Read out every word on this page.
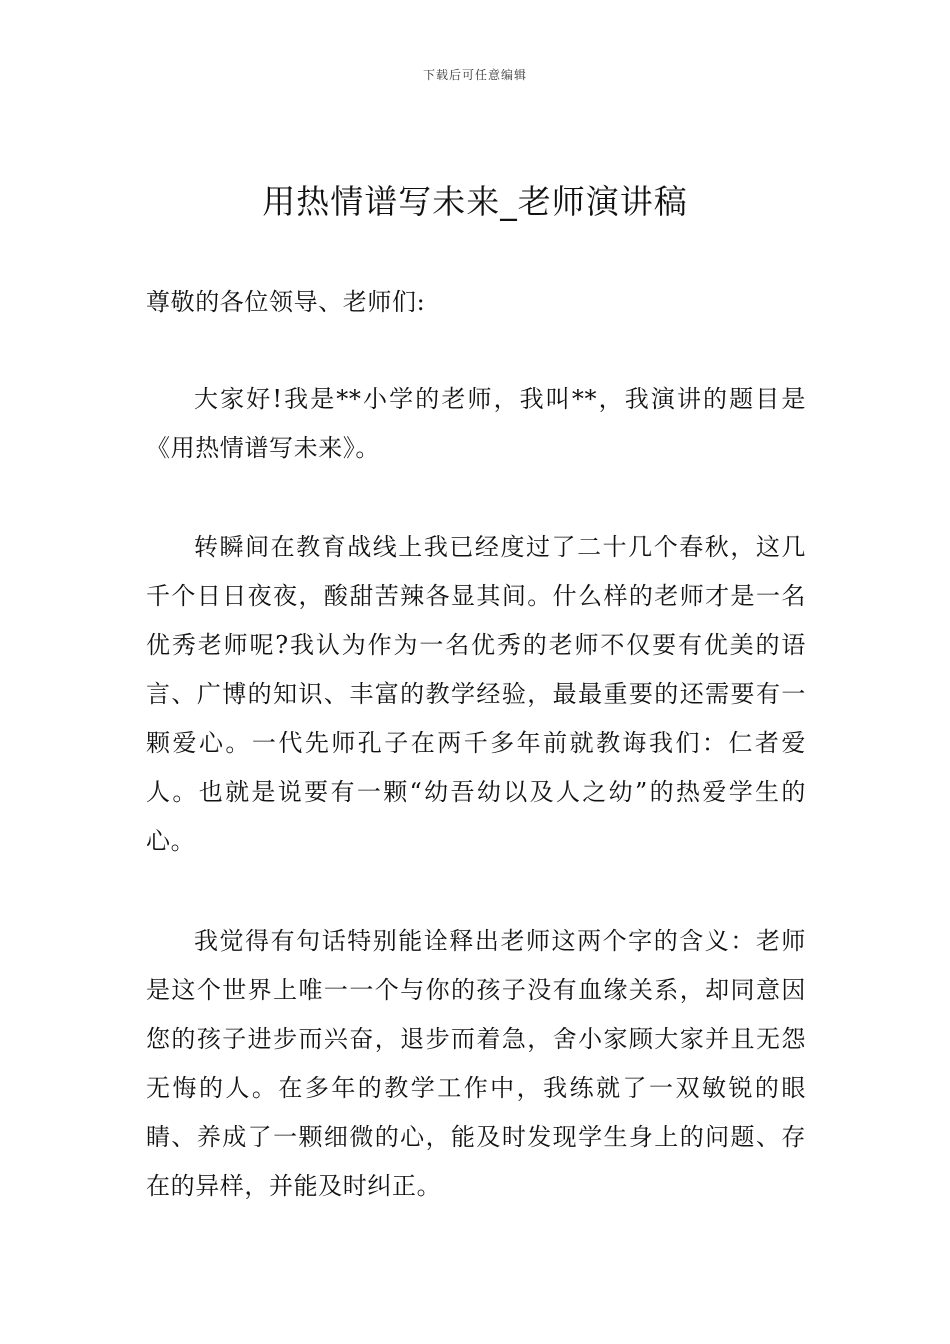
下载后可任意编辑
用热情谱写未来_老师演讲稿

尊敬的各位领导、老师们:

大家好!我是**小学的老师，我叫**，我演讲的题目是《用热情谱写未来》。

转瞬间在教育战线上我已经度过了二十几个春秋，这几千个日日夜夜，酸甜苦辣各显其间。什么样的老师才是一名优秀老师呢?我认为作为一名优秀的老师不仅要有优美的语言、广博的知识、丰富的教学经验，最最重要的还需要有一颗爱心。一代先师孔子在两千多年前就教诲我们：仁者爱人。也就是说要有一颗“幼吾幼以及人之幼”的热爱学生的心。

我觉得有句话特别能诠释出老师这两个字的含义：老师是这个世界上唯一一个与你的孩子没有血缘关系，却同意因您的孩子进步而兴奋，退步而着急，舍小家顾大家并且无怨无悔的人。在多年的教学工作中，我练就了一双敏锐的眼睛、养成了一颗细微的心，能及时发现学生身上的问题、存在的异样，并能及时纠正。
